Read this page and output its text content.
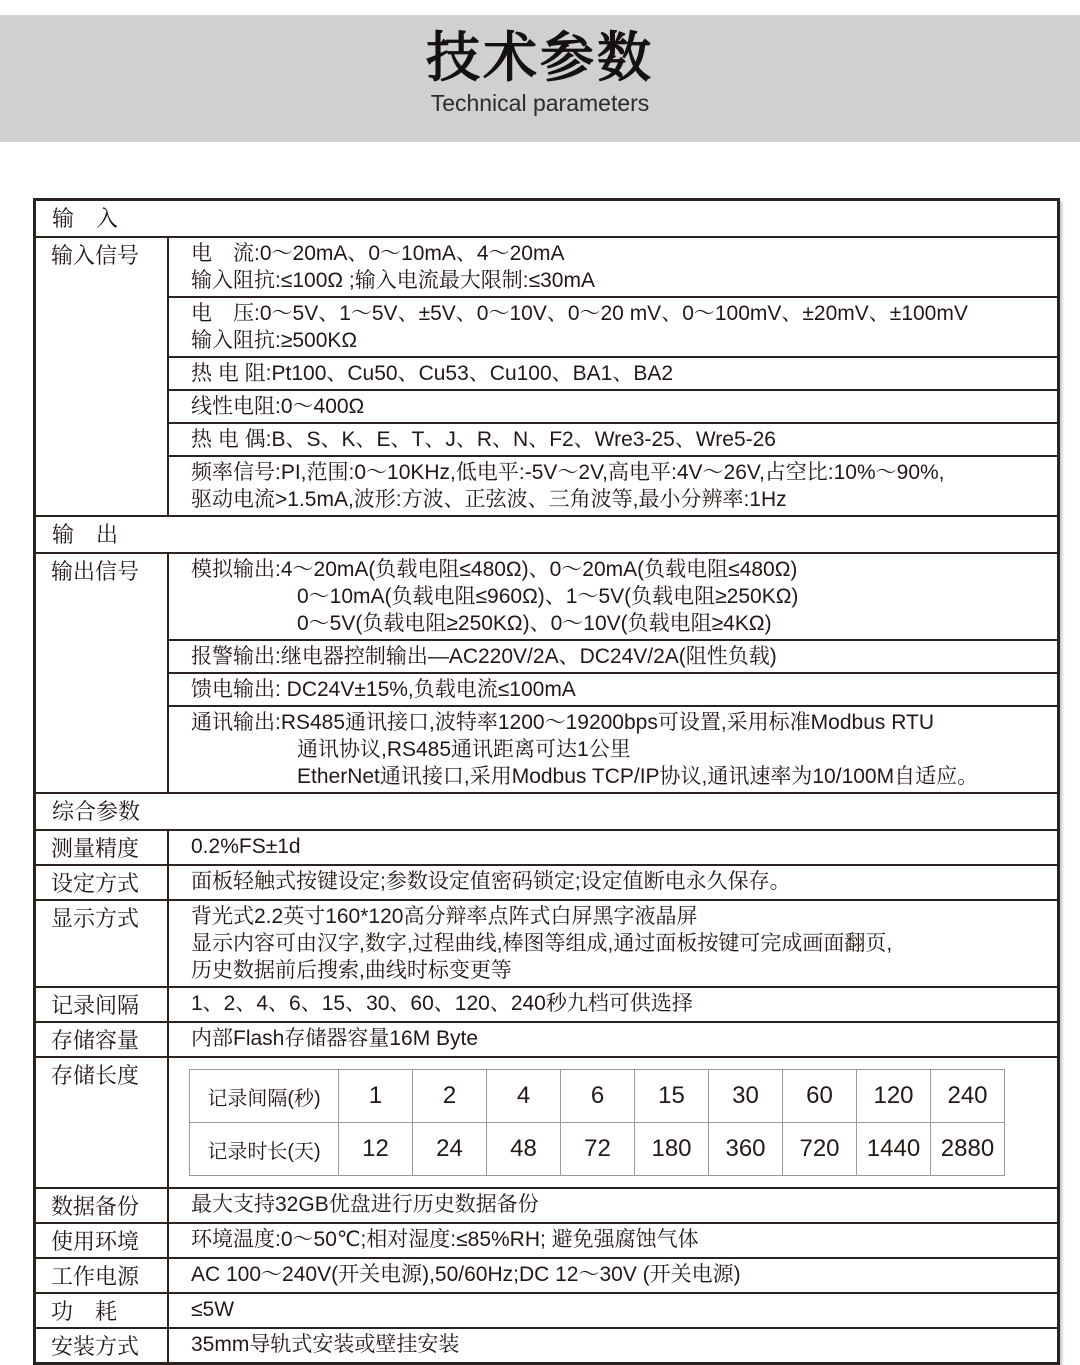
技术参数
Technical parameters
输　入
输入信号	电　流:0～20mA、0～10mA、4～20mA
输入阻抗:≤100Ω ;输入电流最大限制:≤30mA
电　压:0～5V、1～5V、±5V、0～10V、0～20 mV、0～100mV、±20mV、±100mV
输入阻抗:≥500KΩ
热 电 阻:Pt100、Cu50、Cu53、Cu100、BA1、BA2
线性电阻:0～400Ω
热 电 偶:B、S、K、E、T、J、R、N、F2、Wre3-25、Wre5-26
频率信号:PI,范围:0～10KHz,低电平:-5V～2V,高电平:4V～26V,占空比:10%～90%,
驱动电流>1.5mA,波形:方波、正弦波、三角波等,最小分辨率:1Hz
输　出
输出信号	模拟输出:4～20mA(负载电阻≤480Ω)、0～20mA(负载电阻≤480Ω)
0～10mA(负载电阻≤960Ω)、1～5V(负载电阻≥250KΩ)
0～5V(负载电阻≥250KΩ)、0～10V(负载电阻≥4KΩ)
报警输出:继电器控制输出—AC220V/2A、DC24V/2A(阻性负载)
馈电输出: DC24V±15%,负载电流≤100mA
通讯输出:RS485通讯接口,波特率1200～19200bps可设置,采用标准Modbus RTU
通讯协议,RS485通讯距离可达1公里
EtherNet通讯接口,采用Modbus TCP/IP协议,通讯速率为10/100M自适应。
综合参数
测量精度	0.2%FS±1d
设定方式	面板轻触式按键设定;参数设定值密码锁定;设定值断电永久保存。
显示方式	背光式2.2英寸160*120高分辩率点阵式白屏黑字液晶屏
显示内容可由汉字,数字,过程曲线,棒图等组成,通过面板按键可完成画面翻页,
历史数据前后搜索,曲线时标变更等
记录间隔	1、2、4、6、15、30、60、120、240秒九档可供选择
存储容量	内部Flash存储器容量16M Byte
存储长度
记录间隔(秒)	1	2	4	6	15	30	60	120	240
记录时长(天)	12	24	48	72	180	360	720	1440	2880
数据备份	最大支持32GB优盘进行历史数据备份
使用环境	环境温度:0～50℃;相对湿度:≤85%RH; 避免强腐蚀气体
工作电源	AC 100～240V(开关电源),50/60Hz;DC 12～30V (开关电源)
功　耗	≤5W
安装方式	35mm导轨式安装或壁挂安装
